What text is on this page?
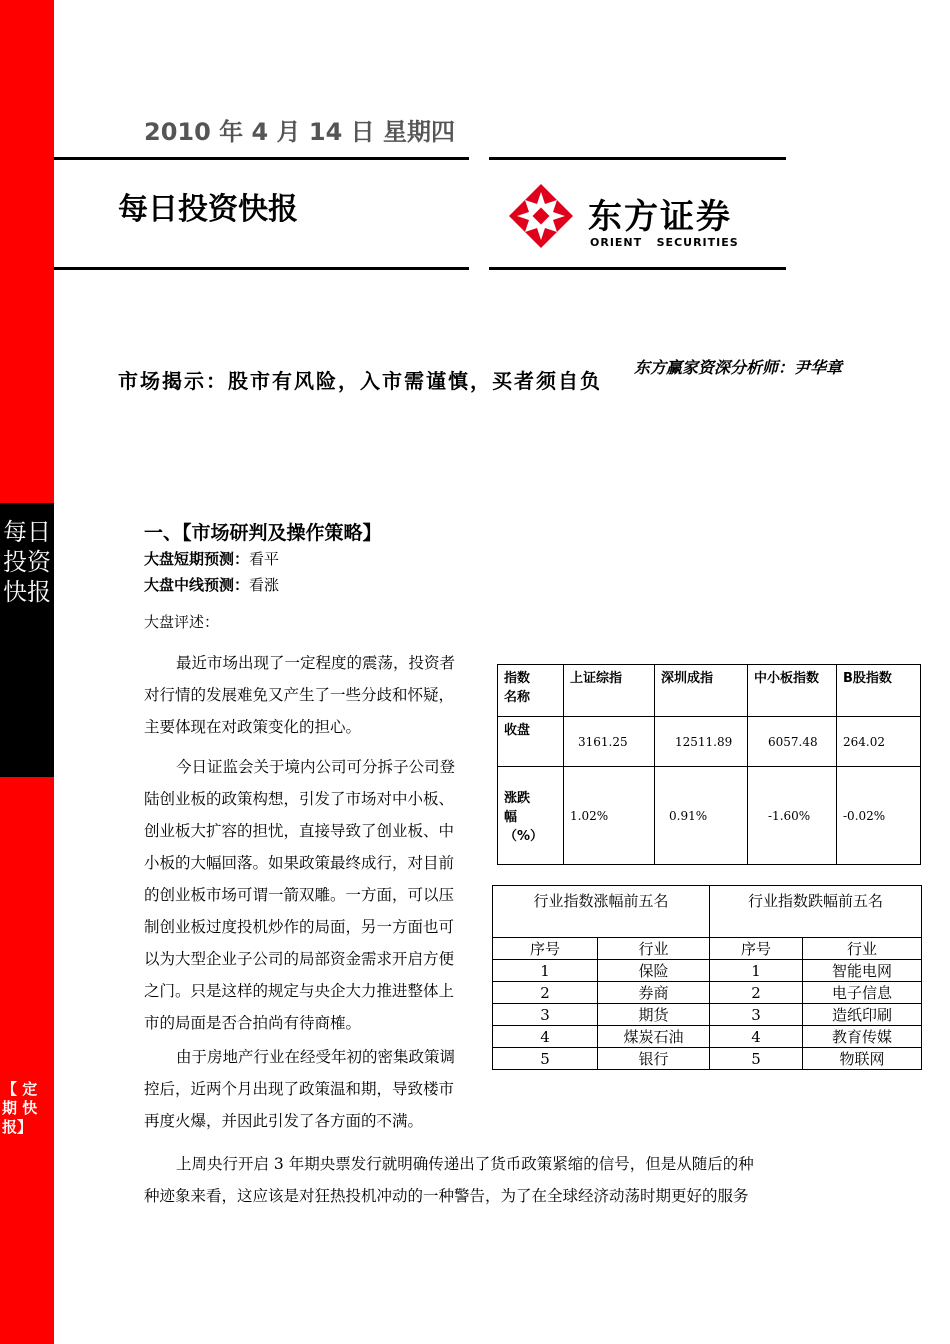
每日
投资
快报
【 定
期 快
报】
2010 年 4 月 14 日 星期四
每日投资快报	东方证券
ORIENT   SECURITIES
市场揭示：股市有风险，入市需谨慎，买者须自负
东方赢家资深分析师：尹华章
一、【市场研判及操作策略】
大盘短期预测：看平
大盘中线预测：看涨
大盘评述：
最近市场出现了一定程度的震荡，投资者
对行情的发展难免又产生了一些分歧和怀疑，
主要体现在对政策变化的担心。
今日证监会关于境内公司可分拆子公司登
陆创业板的政策构想，引发了市场对中小板、
创业板大扩容的担忧，直接导致了创业板、中
小板的大幅回落。如果政策最终成行，对目前
的创业板市场可谓一箭双雕。一方面，可以压
制创业板过度投机炒作的局面，另一方面也可
以为大型企业子公司的局部资金需求开启方便
之门。只是这样的规定与央企大力推进整体上
市的局面是否合拍尚有待商榷。
由于房地产行业在经受年初的密集政策调
控后，近两个月出现了政策温和期，导致楼市
再度火爆，并因此引发了各方面的不满。
上周央行开启 3 年期央票发行就明确传递出了货币政策紧缩的信号，但是从随后的种
种迹象来看，这应该是对狂热投机冲动的一种警告，为了在全球经济动荡时期更好的服务
指数
名称	上证综指	深圳成指	中小板指数	B股指数
收盘	3161.25	12511.89	6057.48	264.02
涨跌
幅
（%）	1.02%	0.91%	-1.60%	-0.02%
行业指数涨幅前五名		行业指数跌幅前五名	
序号	行业	序号	行业
1	保险	1	智能电网
2	券商	2	电子信息
3	期货	3	造纸印刷
4	煤炭石油	4	教育传媒
5	银行	5	物联网
